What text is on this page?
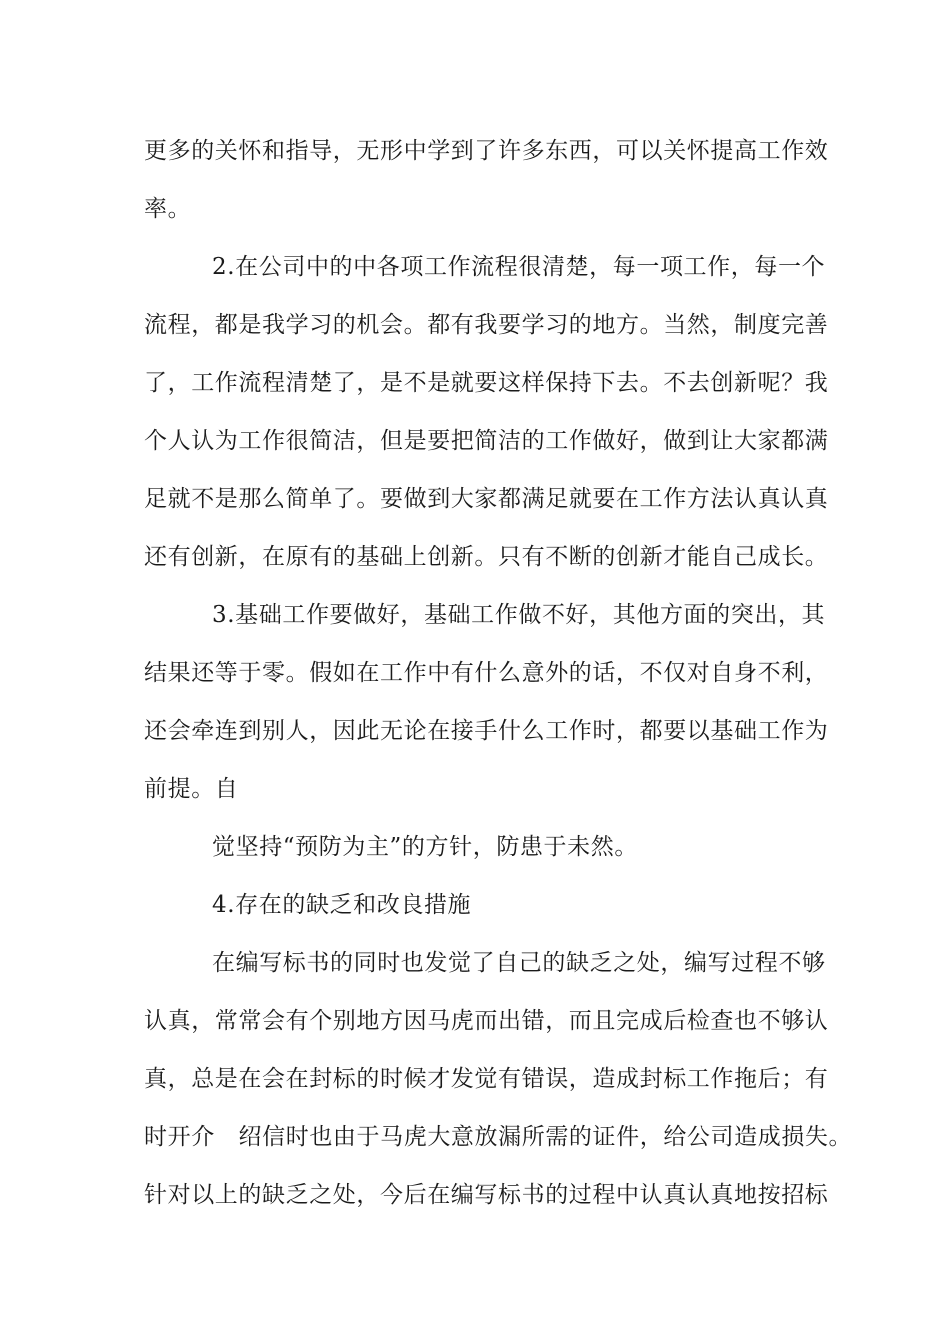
更多的关怀和指导，无形中学到了许多东西，可以关怀提高工作效
率。
2.在公司中的中各项工作流程很清楚，每一项工作，每一个
流程，都是我学习的机会。都有我要学习的地方。当然，制度完善
了，工作流程清楚了，是不是就要这样保持下去。不去创新呢？我
个人认为工作很简洁，但是要把简洁的工作做好，做到让大家都满
足就不是那么简单了。要做到大家都满足就要在工作方法认真认真
还有创新，在原有的基础上创新。只有不断的创新才能自己成长。
3.基础工作要做好，基础工作做不好，其他方面的突出，其
结果还等于零。假如在工作中有什么意外的话，不仅对自身不利，
还会牵连到别人，因此无论在接手什么工作时，都要以基础工作为
前提。自
觉坚持“预防为主”的方针，防患于未然。
4.存在的缺乏和改良措施
在编写标书的同时也发觉了自己的缺乏之处，编写过程不够
认真，常常会有个别地方因马虎而出错，而且完成后检查也不够认
真，总是在会在封标的时候才发觉有错误，造成封标工作拖后；有
时开介   绍信时也由于马虎大意放漏所需的证件，给公司造成损失。
针对以上的缺乏之处，今后在编写标书的过程中认真认真地按招标
